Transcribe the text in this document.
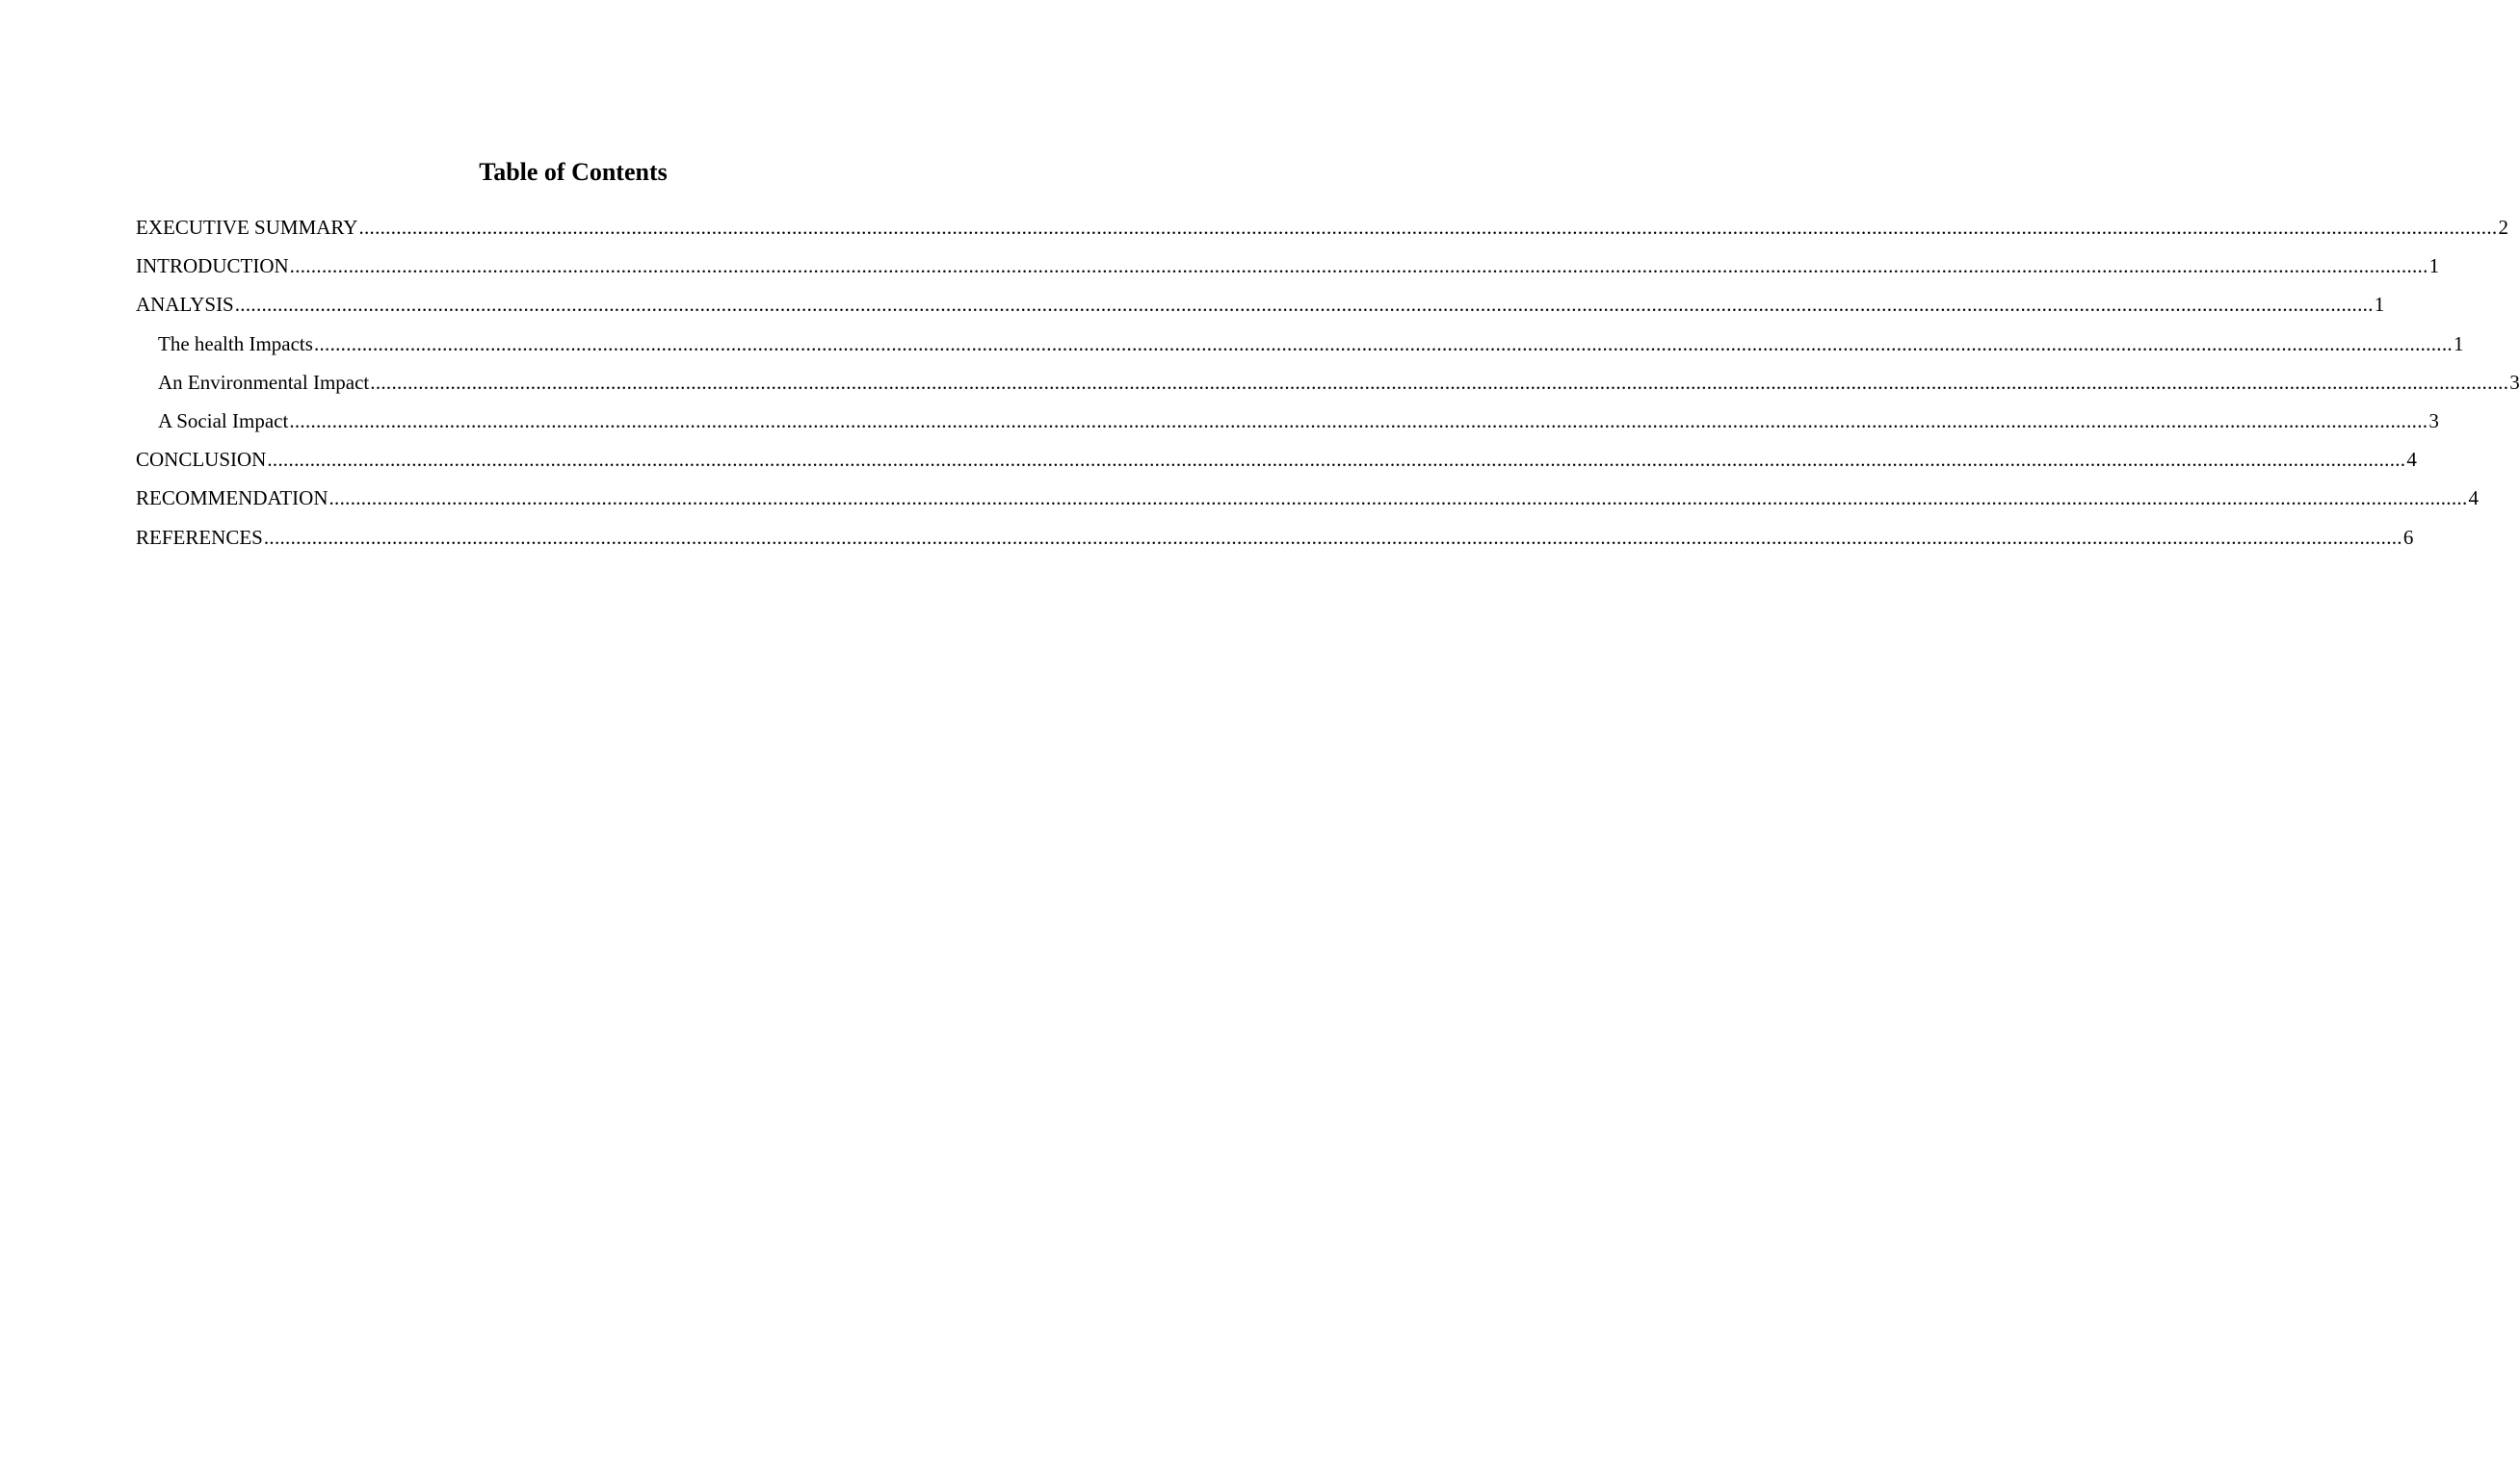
Table of Contents
EXECUTIVE SUMMARY ................................................................................................................................................................................................................................................................................................................................................................................................................ 2
INTRODUCTION ................................................................................................................................................................................................................................................................................................................................................................................................................ 1
ANALYSIS ................................................................................................................................................................................................................................................................................................................................................................................................................ 1
The health Impacts ................................................................................................................................................................................................................................................................................................................................................................................................................ 1
An Environmental Impact ................................................................................................................................................................................................................................................................................................................................................................................................................ 3
A Social Impact ................................................................................................................................................................................................................................................................................................................................................................................................................ 3
CONCLUSION ................................................................................................................................................................................................................................................................................................................................................................................................................ 4
RECOMMENDATION ................................................................................................................................................................................................................................................................................................................................................................................................................ 4
REFERENCES ................................................................................................................................................................................................................................................................................................................................................................................................................ 6
